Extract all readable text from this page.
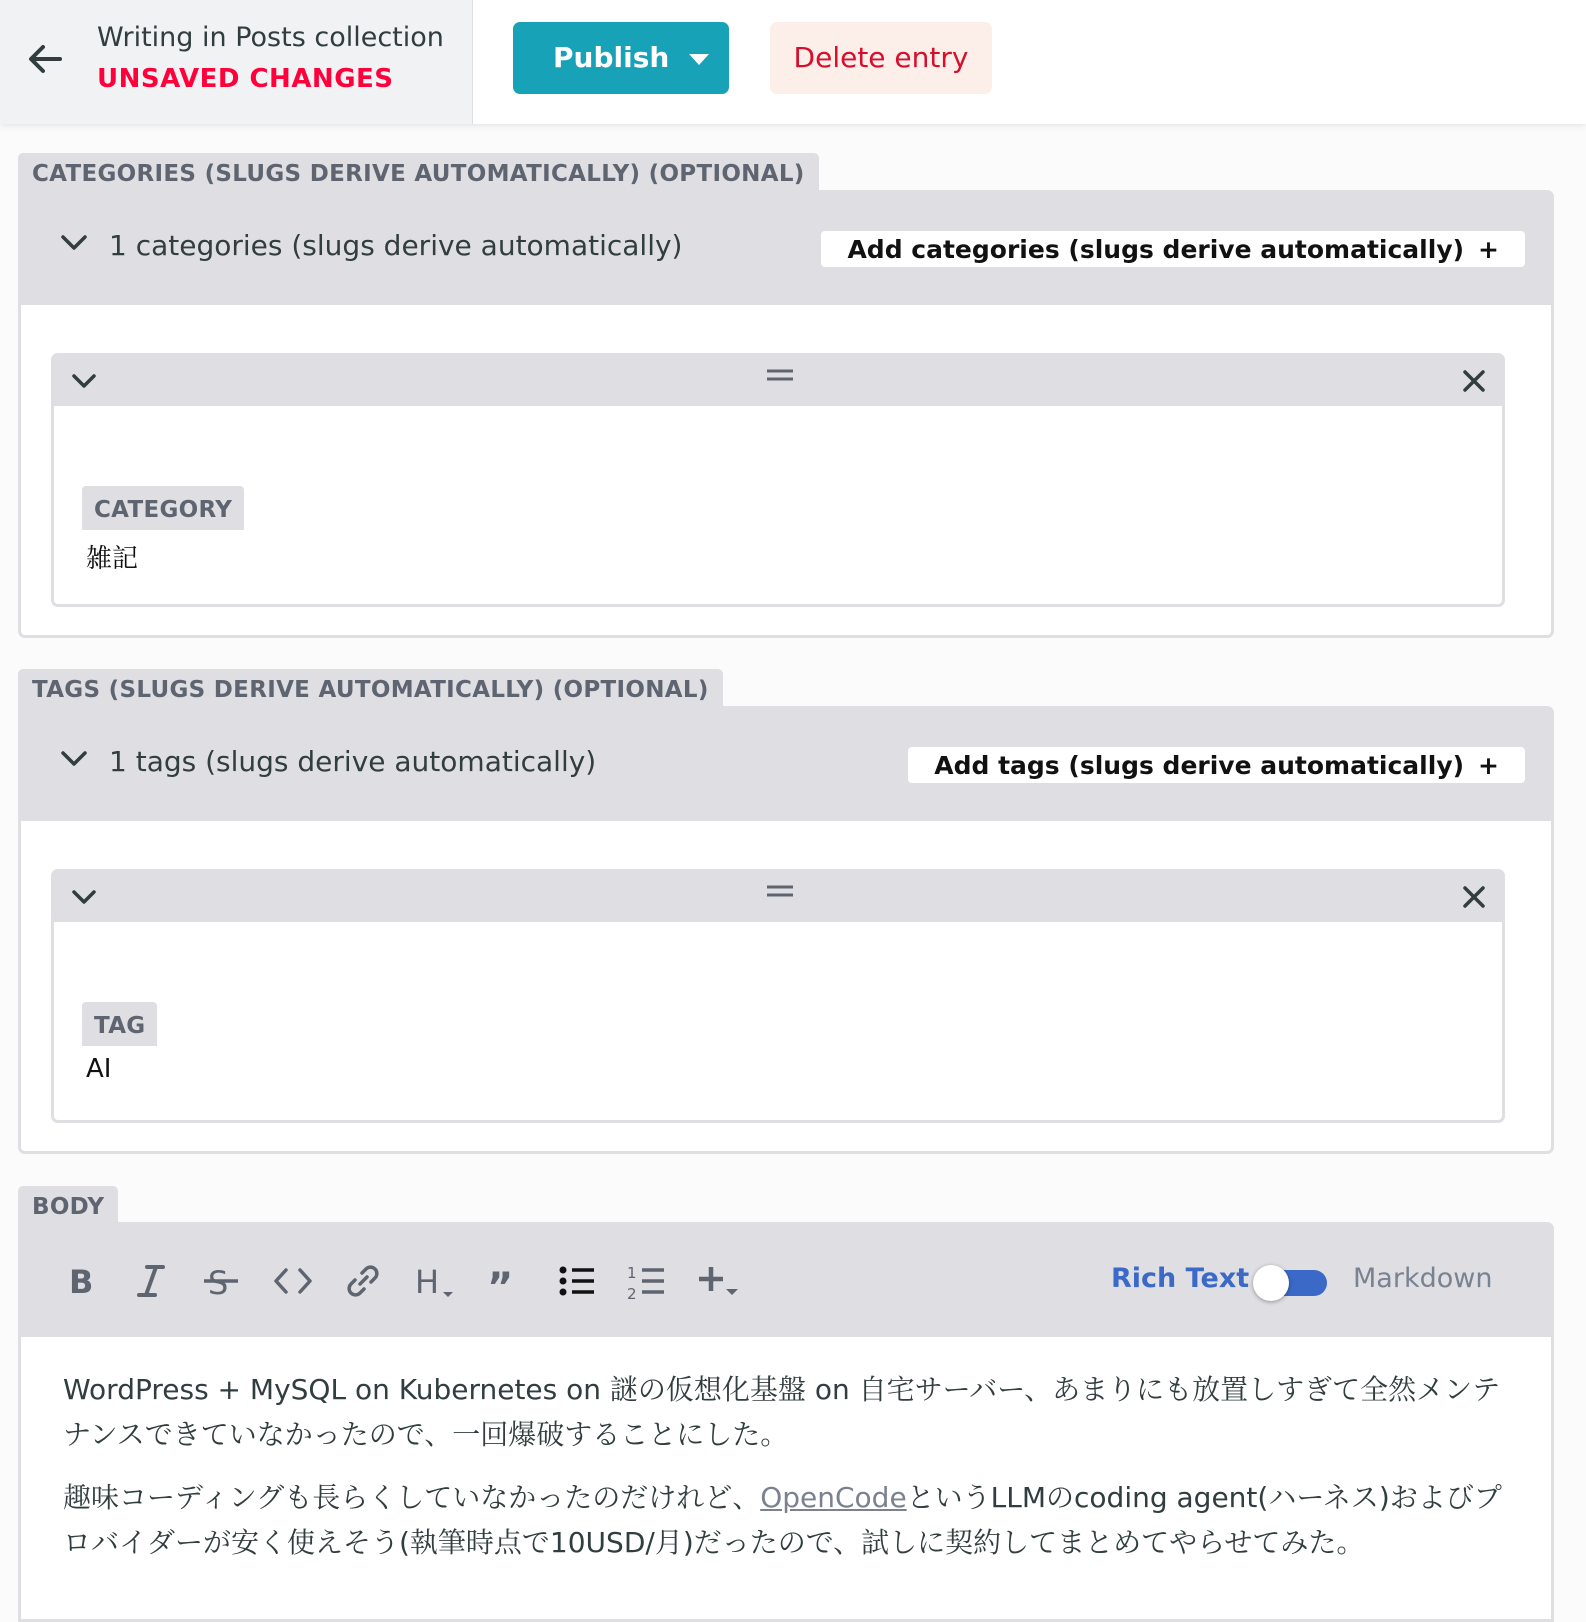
Writing in Posts collection
UNSAVED CHANGES
Publish	Delete entry
CATEGORIES (SLUGS DERIVE AUTOMATICALLY) (OPTIONAL)
1 categories (slugs derive automatically)	Add categories (slugs derive automatically) +
CATEGORY
雑記
TAGS (SLUGS DERIVE AUTOMATICALLY) (OPTIONAL)
1 tags (slugs derive automatically)	Add tags (slugs derive automatically) +
TAG
AI
BODY
B	S	H ”	1
2	Rich Text	Markdown

WordPress + MySQL on Kubernetes on 謎の仮想化基盤 on 自宅サーバー、あまりにも放置しすぎて全然メンテナンスできていなかったので、一回爆破することにした。

趣味コーディングも長らくしていなかったのだけれど、OpenCodeというLLMのcoding agent(ハーネス)およびプロバイダーが安く使えそう(執筆時点で10USD/月)だったので、試しに契約してまとめてやらせてみた。
